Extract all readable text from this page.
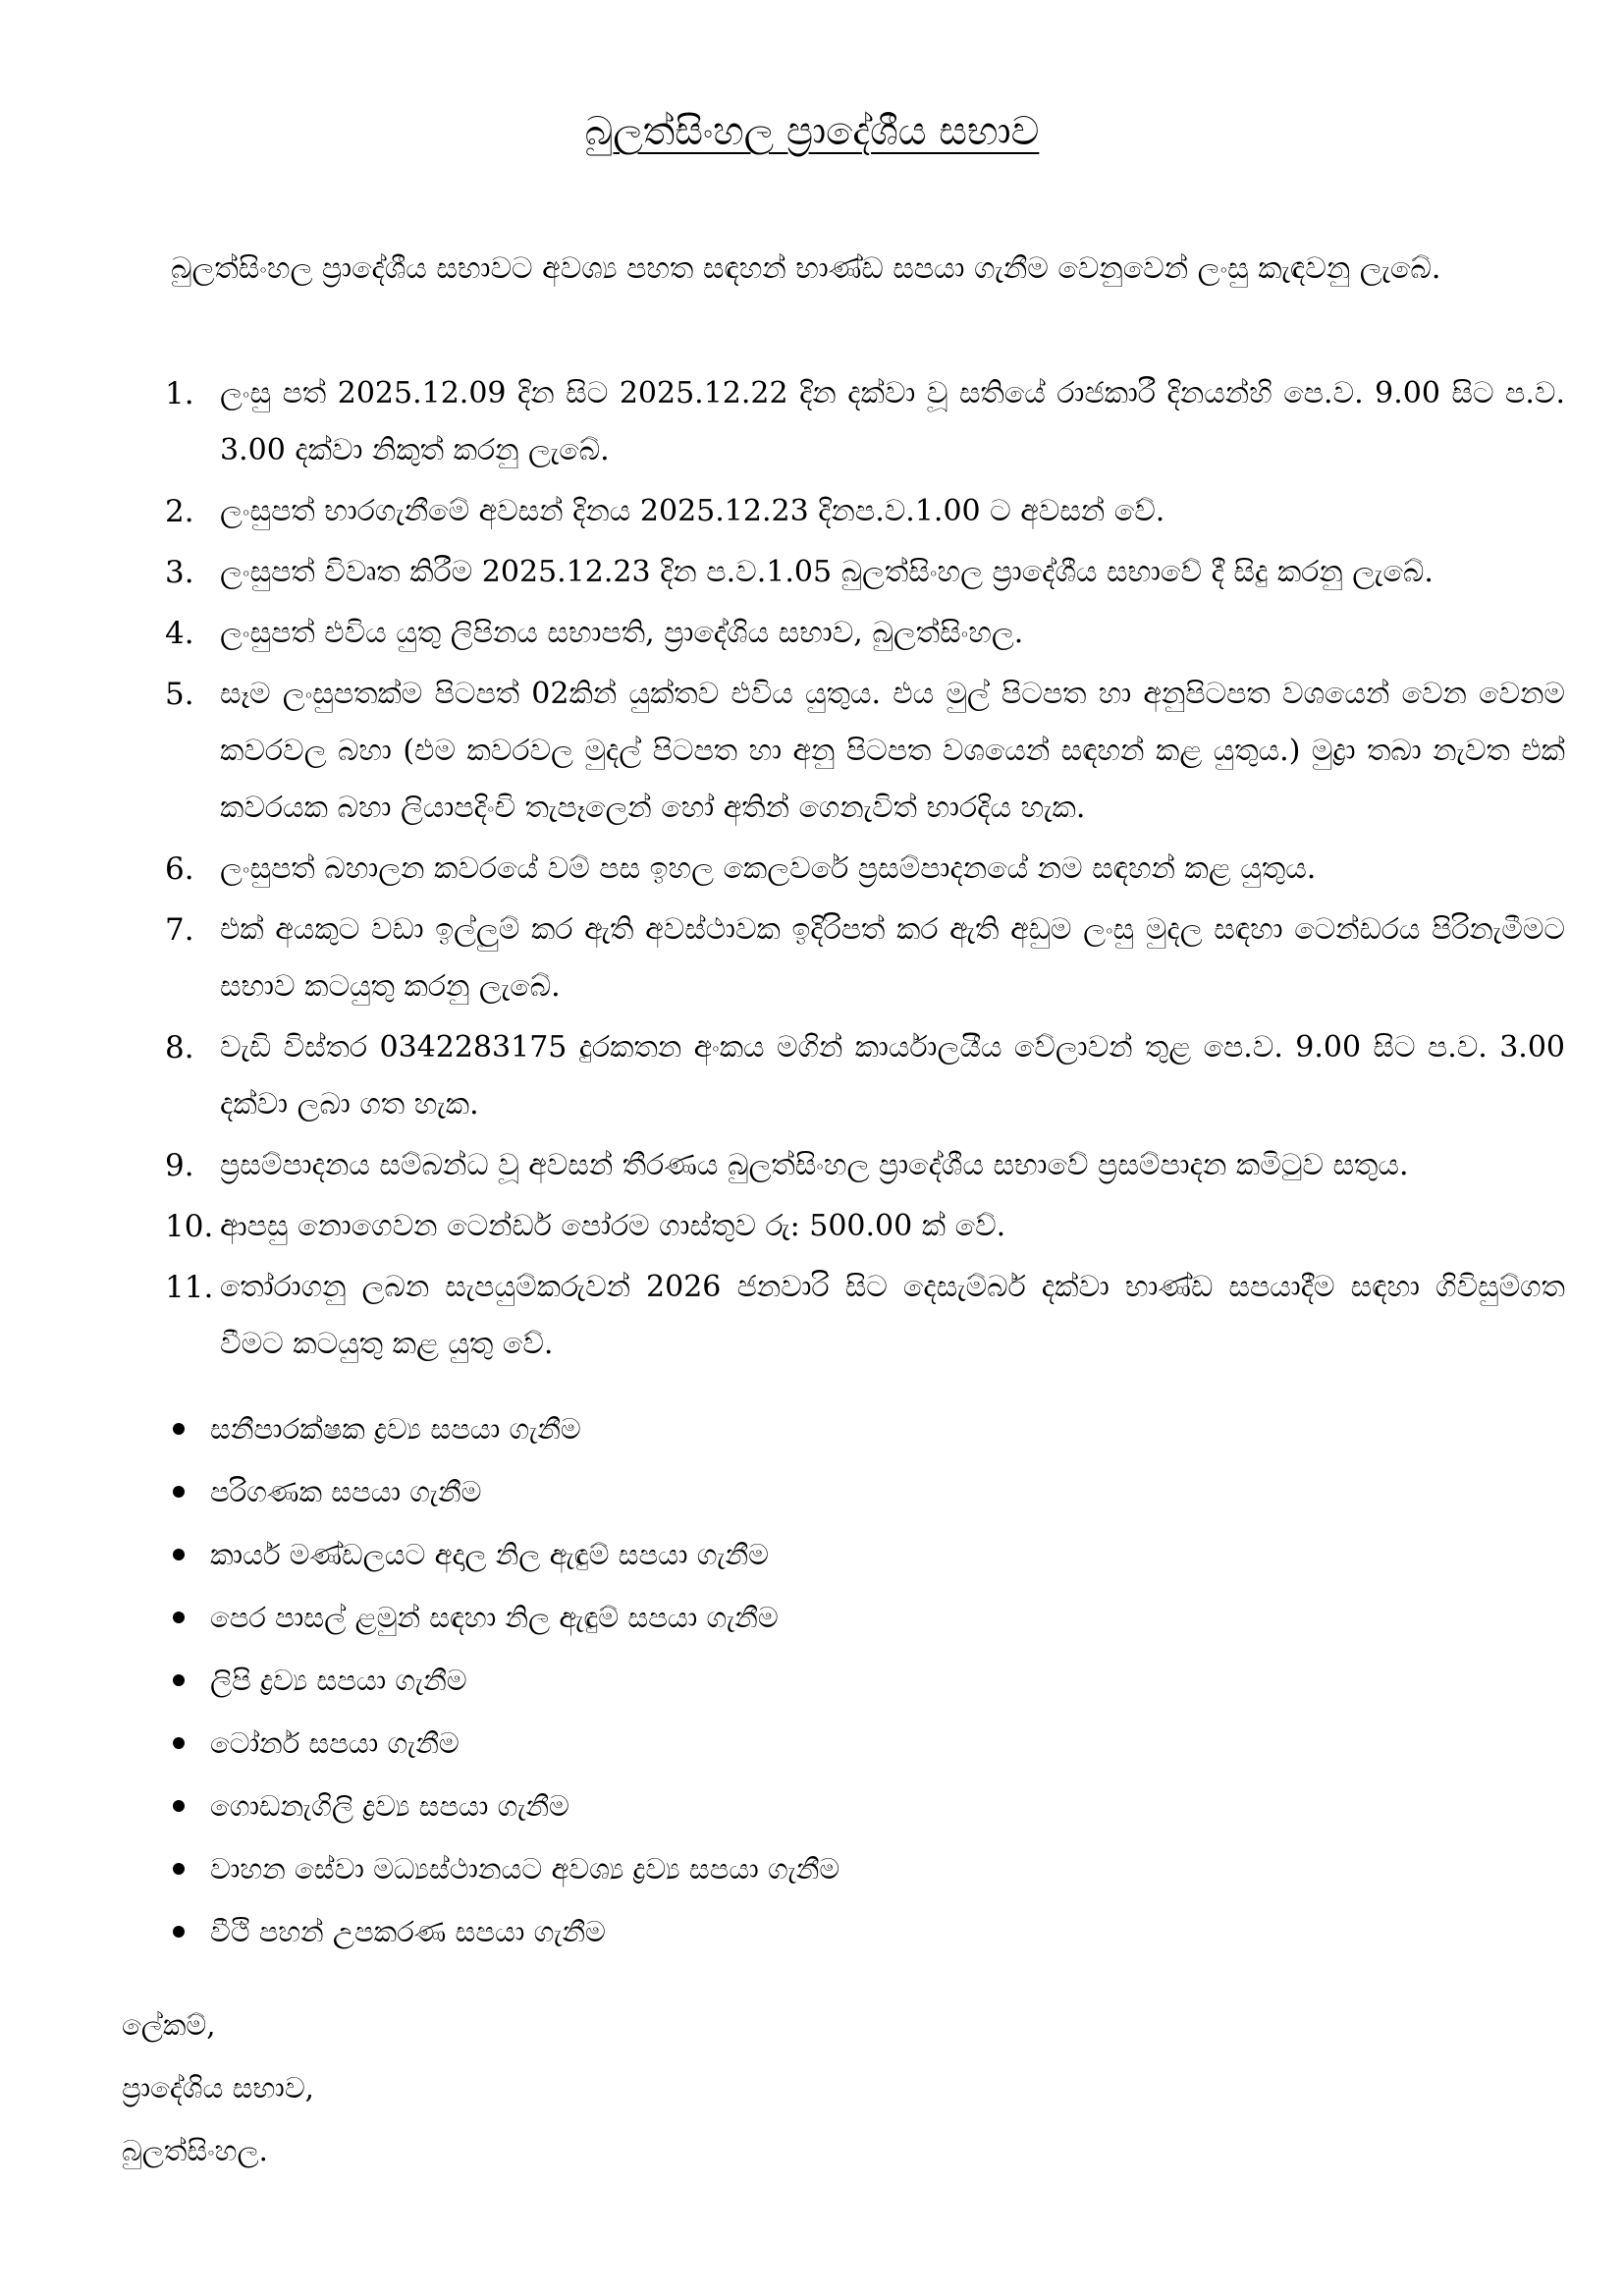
බුලත්සිංහල ප්‍රාදේශීය සභාව
බුලත්සිංහල ප්‍රාදේශීය සභාවට අවශ්‍ය පහත සඳහන් භාණ්ඩ සපයා ගැනීම වෙනුවෙන් ලංසු කැඳවනු ලැබේ.
1. ලංසු පත් 2025.12.09 දින සිට 2025.12.22 දින දක්වා වූ සතියේ රාජකාරී දිනයන්හි පෙ.ව. 9.00 සිට ප.ව. 3.00 දක්වා නිකුත් කරනු ලැබේ.
2. ලංසුපත් භාරගැනීමේ අවසන් දිනය 2025.12.23 දිනප.ව.1.00 ට අවසන් වේ.
3. ලංසුපත් විවෘත කිරීම 2025.12.23 දින ප.ව.1.05 බුලත්සිංහල ප්‍රාදේශීය සභාවේ දී සිදු කරනු ලැබේ.
4. ලංසුපත් එවිය යුතු ලිපිනය සභාපති, ප්‍රාදේශිය සභාව, බුලත්සිංහල.
5. සෑම ලංසුපතක්ම පිටපත් 02කින් යුක්තව එවිය යුතුය. එය මුල් පිටපත හා අනුපිටපත වශයෙන් වෙන වෙනම කවරවල බහා (එම කවරවල මුදල් පිටපත හා අනු පිටපත වශයෙන් සඳහන් කළ යුතුය.) මුද්‍රා තබා නැවත එක් කවරයක බහා ලියාපදිංචි තැපෑලෙන් හෝ අතින් ගෙනැවිත් භාරදිය හැක.
6. ලංසුපත් බහාලන කවරයේ වම් පස ඉහල කෙලවරේ ප්‍රසම්පාදනයේ නම සඳහන් කළ යුතුය.
7. එක් අයකුට වඩා ඉල්ලුම් කර ඇති අවස්ථාවක ඉදිරිපත් කර ඇති අඩුම ලංසු මුදල සඳහා ටෙන්ඩරය පිරිනැමීමට සභාව කටයුතු කරනු ලැබේ.
8. වැඩි විස්තර 0342283175 දුරකතන අංකය මගින් කාර්යාලයීය වේලාවන් තුළ පෙ.ව. 9.00 සිට ප.ව. 3.00 දක්වා ලබා ගත හැක.
9. ප්‍රසම්පාදනය සම්බන්ධ වූ අවසන් තීරණය බුලත්සිංහල ප්‍රාදේශීය සභාවේ ප්‍රසම්පාදන කමිටුව සතුය.
10. ආපසු නොගෙවන ටෙන්ඩර් පෝරම ගාස්තුව රු: 500.00 ක් වේ.
11. තෝරාගනු ලබන සැපයුම්කරුවන් 2026 ජනවාරි සිට දෙසැම්බර් දක්වා භාණ්ඩ සපයාදීම සඳහා ගිවිසුම්ගත වීමට කටයුතු කළ යුතු වේ.
සනීපාරක්ෂක ද්‍රව්‍ය සපයා ගැනීම
පරිගණක සපයා ගැනීම
කාර්ය මණ්ඩලයට අදාල නිල ඇඳුම් සපයා ගැනීම
පෙර පාසල් ළමුන් සඳහා නිල ඇඳුම් සපයා ගැනීම
ලිපි ද්‍රව්‍ය සපයා ගැනීම
ටෝනර් සපයා ගැනීම
ගොඩනැගිලි ද්‍රව්‍ය සපයා ගැනීම
වාහන සේවා මධ්‍යස්ථානයට අවශ්‍ය ද්‍රව්‍ය සපයා ගැනීම
වීථි පහන් උපකරණ සපයා ගැනීම
ලේකම්,
ප්‍රාදේශිය සභාව,
බුලත්සිංහල.
